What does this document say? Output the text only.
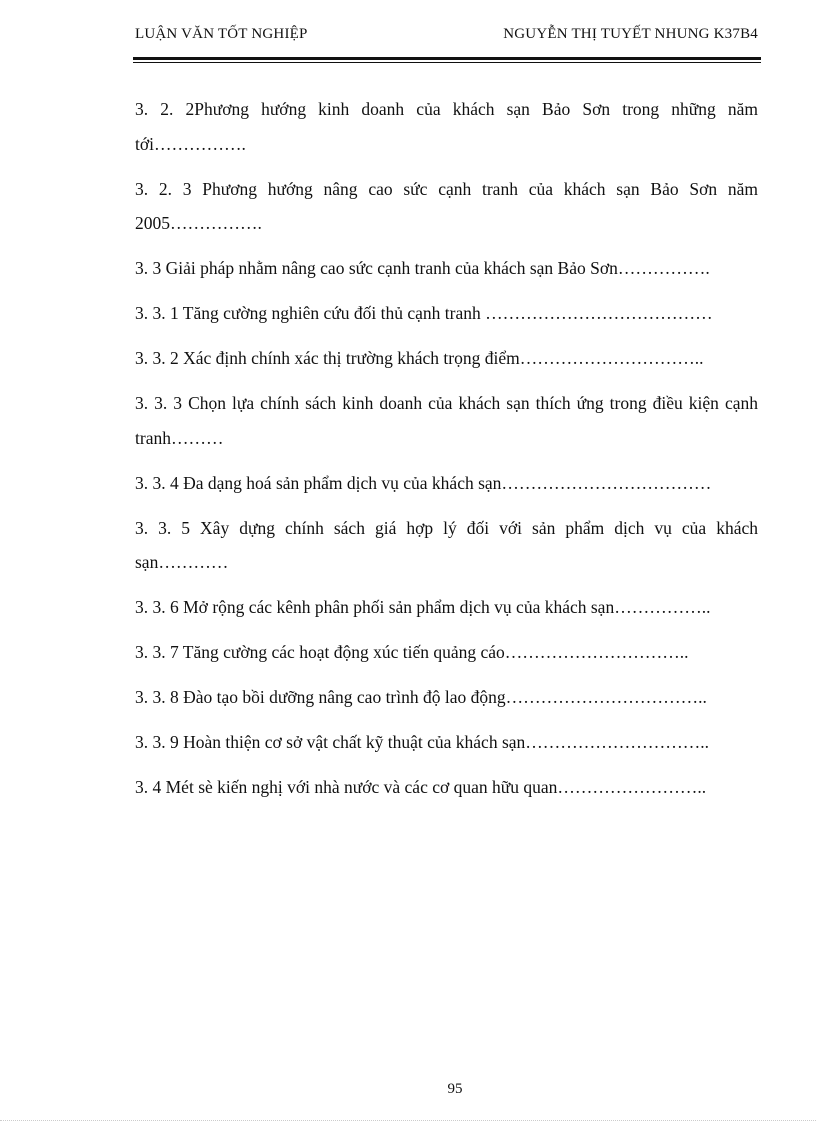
LUẬN VĂN TỐT NGHIỆP	NGUYỄN THỊ TUYẾT NHUNG K37B4
3. 2. 2Phương hướng kinh doanh của khách sạn Bảo Sơn trong những năm tới…………….
3. 2. 3 Phương hướng nâng cao sức cạnh tranh của khách sạn Bảo Sơn năm 2005…………….
3. 3 Giải pháp nhằm nâng cao sức cạnh tranh của khách sạn Bảo Sơn…………….
3. 3. 1 Tăng cường nghiên cứu đối thủ cạnh tranh …………………………………
3. 3. 2 Xác định chính xác thị trường khách trọng điểm…………………………..
3. 3. 3 Chọn lựa chính sách kinh doanh của khách sạn thích ứng trong điều kiện cạnh tranh………
3. 3. 4 Đa dạng hoá sản phẩm dịch vụ của khách sạn………………………………
3. 3. 5 Xây dựng chính sách giá hợp lý đối với sản phẩm dịch vụ của khách sạn…………
3. 3. 6 Mở rộng các kênh phân phối sản phẩm dịch vụ của khách sạn……………..
3. 3. 7 Tăng cường các hoạt động xúc tiến quảng cáo…………………………..
3. 3. 8 Đào tạo bồi dưỡng nâng cao trình độ lao động……………………………..
3. 3. 9 Hoàn thiện cơ sở vật chất kỹ thuật của khách sạn…………………………..
3. 4 Mét sè kiến nghị với nhà nước và các cơ quan hữu quan……………………..
95
